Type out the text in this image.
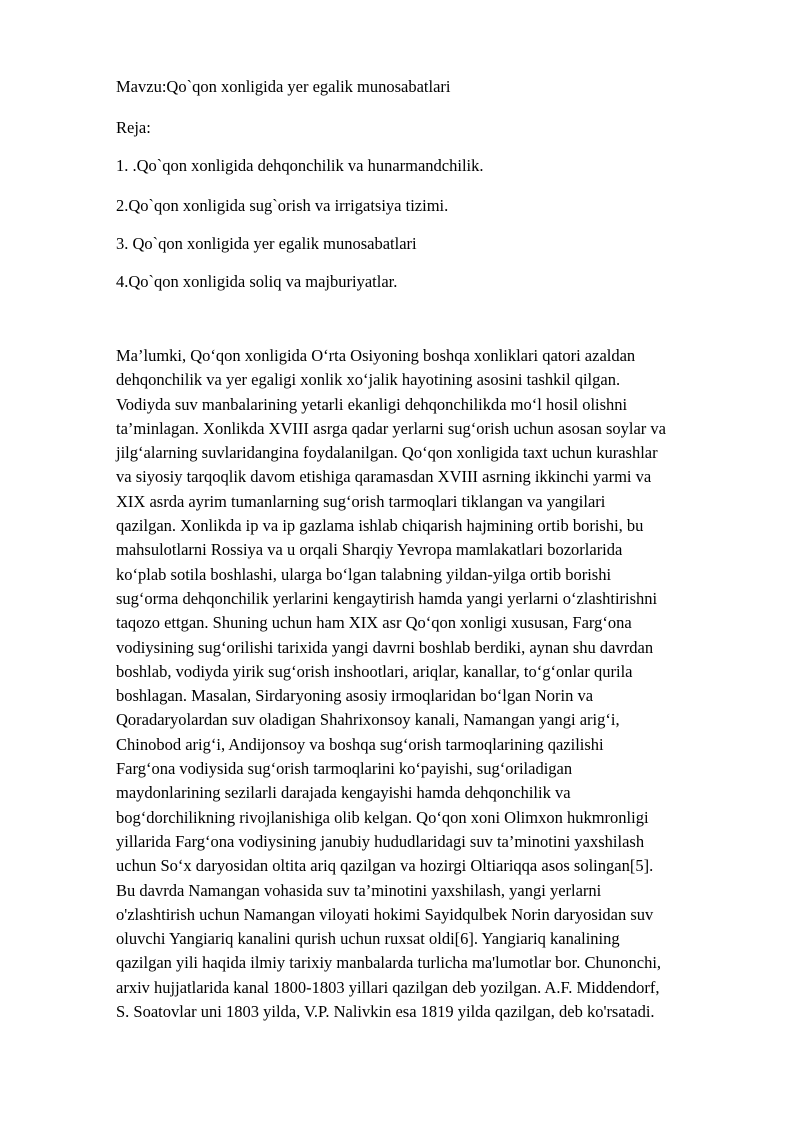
Mavzu:Qo`qon xonligida yer egalik munosabatlari
Reja:
1. .Qo`qon xonligida dehqonchilik va hunarmandchilik.
2.Qo`qon xonligida sug`orish va irrigatsiya tizimi.
3. Qo`qon xonligida yer egalik munosabatlari
4.Qo`qon xonligida soliq va majburiyatlar.
Ma’lumki, Qo‘qon xonligida O‘rta Osiyoning boshqa xonliklari qatori azaldan
dehqonchilik va yer egaligi xonlik xo‘jalik hayotining asosini tashkil qilgan.
Vodiyda suv manbalarining yetarli ekanligi dehqonchilikda mo‘l hosil olishni
ta’minlagan. Xonlikda XVIII asrga qadar yerlarni sug‘orish uchun asosan soylar va
jilg‘alarning suvlaridangina foydalanilgan. Qo‘qon xonligida taxt uchun kurashlar
va siyosiy tarqoqlik davom etishiga qaramasdan XVIII asrning ikkinchi yarmi va
XIX asrda ayrim tumanlarning sug‘orish tarmoqlari tiklangan va yangilari
qazilgan. Xonlikda ip va ip gazlama ishlab chiqarish hajmining ortib borishi, bu
mahsulotlarni Rossiya va u orqali Sharqiy Yevropa mamlakatlari bozorlarida
ko‘plab sotila boshlashi, ularga bo‘lgan talabning yildan-yilga ortib borishi
sug‘orma dehqonchilik yerlarini kengaytirish hamda yangi yerlarni o‘zlashtirishni
taqozo ettgan. Shuning uchun ham XIX asr Qo‘qon xonligi xususan, Farg‘ona
vodiysining sug‘orilishi tarixida yangi davrni boshlab berdiki, aynan shu davrdan
boshlab, vodiyda yirik sug‘orish inshootlari, ariqlar, kanallar, to‘g‘onlar qurila
boshlagan. Masalan, Sirdaryoning asosiy irmoqlaridan bo‘lgan Norin va
Qoradaryolardan suv oladigan Shahrixonsoy kanali, Namangan yangi arig‘i,
Chinobod arig‘i, Andijonsoy va boshqa sug‘orish tarmoqlarining qazilishi
Farg‘ona vodiysida sug‘orish tarmoqlarini ko‘payishi, sug‘oriladigan
maydonlarining sezilarli darajada kengayishi hamda dehqonchilik va
bog‘dorchilikning rivojlanishiga olib kelgan. Qo‘qon xoni Olimxon hukmronligi
yillarida Farg‘ona vodiysining janubiy hududlaridagi suv ta’minotini yaxshilash
uchun So‘x daryosidan oltita ariq qazilgan va hozirgi Oltiariqqa asos solingan[5].
Bu davrda Namangan vohasida suv ta’minotini yaxshilash, yangi yerlarni
o'zlashtirish uchun Namangan viloyati hokimi Sayidqulbek Norin daryosidan suv
oluvchi Yangiariq kanalini qurish uchun ruxsat oldi[6]. Yangiariq kanalining
qazilgan yili haqida ilmiy tarixiy manbalarda turlicha ma'lumotlar bor. Chunonchi,
arxiv hujjatlarida kanal 1800-1803 yillari qazilgan deb yozilgan. A.F. Middendorf,
S. Soatovlar uni 1803 yilda, V.P. Nalivkin esa 1819 yilda qazilgan, deb ko'rsatadi.
